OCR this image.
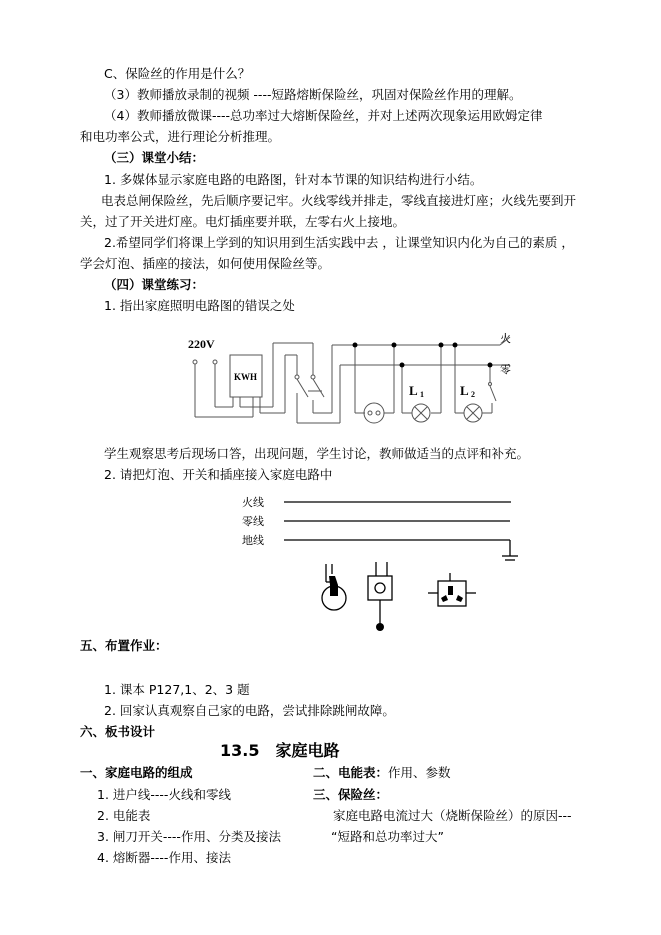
C、保险丝的作用是什么？
（3）教师播放录制的视频 ----短路熔断保险丝，巩固对保险丝作用的理解。
（4）教师播放微课----总功率过大熔断保险丝，并对上述两次现象运用欧姆定律
和电功率公式，进行理论分析推理。
（三）课堂小结：
1. 多媒体显示家庭电路的电路图，针对本节课的知识结构进行小结。
电表总闸保险丝，先后顺序要记牢。火线零线并排走，零线直接进灯座；火线先要到开
关，过了开关进灯座。电灯插座要并联，左零右火上接地。
2.希望同学们将课上学到的知识用到生活实践中去 ，让课堂知识内化为自己的素质 ，
学会灯泡、插座的接法，如何使用保险丝等。
（四）课堂练习：
1. 指出家庭照明电路图的错误之处
220V
KWH
火
零
L 1	L 2
学生观察思考后现场口答，出现问题，学生讨论，教师做适当的点评和补充。
2. 请把灯泡、开关和插座接入家庭电路中
火线
零线
地线
五、布置作业：
1. 课本 P127,1、2、3 题
2. 回家认真观察自己家的电路，尝试排除跳闸故障。
六、板书设计
13.5　家庭电路
一、家庭电路的组成
1. 进户线----火线和零线
2. 电能表
3. 闸刀开关----作用、分类及接法
4. 熔断器----作用、接法
二、电能表：作用、参数
三、保险丝：
家庭电路电流过大（烧断保险丝）的原因---
“短路和总功率过大”
